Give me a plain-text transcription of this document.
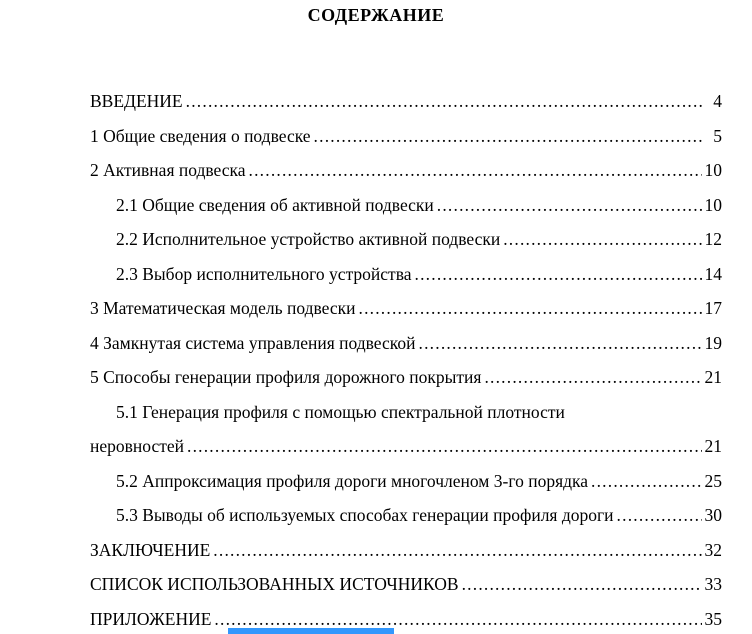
СОДЕРЖАНИЕ
ВВЕДЕНИЕ .....	4
1 Общие сведения о подвеске .....	5
2 Активная подвеска .....	10
2.1 Общие сведения об активной подвески .....	10
2.2 Исполнительное устройство активной подвески .....	12
2.3 Выбор исполнительного устройства .....	14
3 Математическая модель подвески .....	17
4 Замкнутая система управления подвеской .....	19
5 Способы генерации профиля дорожного покрытия .....	21
5.1 Генерация профиля с помощью спектральной плотности
неровностей .....	21
5.2 Аппроксимация профиля дороги многочленом 3-го порядка .....	25
5.3 Выводы об используемых способах генерации профиля дороги .....	30
ЗАКЛЮЧЕНИЕ .....	32
СПИСОК ИСПОЛЬЗОВАННЫХ ИСТОЧНИКОВ .....	33
ПРИЛОЖЕНИЕ .....	35
